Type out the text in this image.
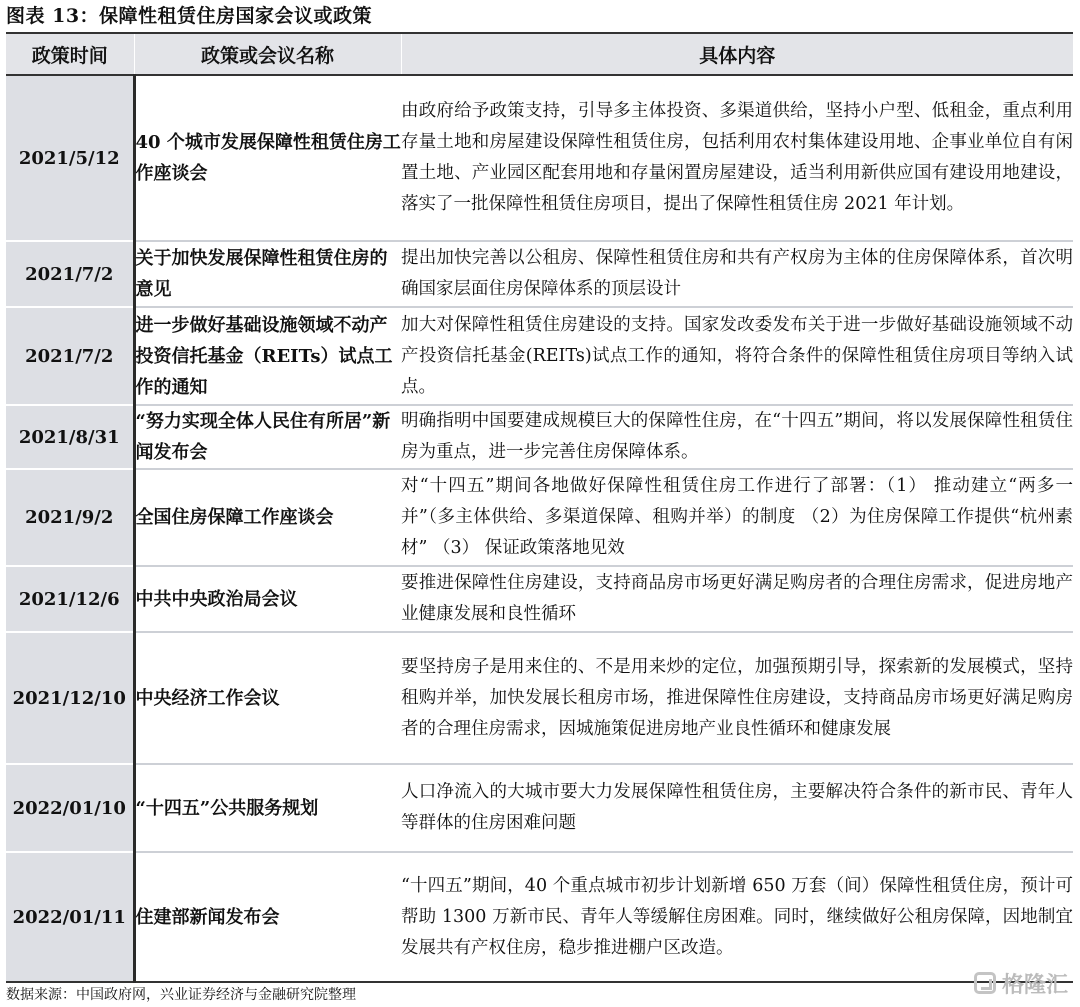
图表 13：保障性租赁住房国家会议或政策
政策时间	政策或会议名称	具体内容
2021/5/12	40 个城市发展保障性租赁住房工作座谈会	由政府给予政策支持，引导多主体投资、多渠道供给，坚持小户型、低租金，重点利用存量土地和房屋建设保障性租赁住房，包括利用农村集体建设用地、企事业单位自有闲置土地、产业园区配套用地和存量闲置房屋建设，适当利用新供应国有建设用地建设，落实了一批保障性租赁住房项目，提出了保障性租赁住房 2021 年计划。
2021/7/2	关于加快发展保障性租赁住房的意见	提出加快完善以公租房、保障性租赁住房和共有产权房为主体的住房保障体系，首次明确国家层面住房保障体系的顶层设计
2021/7/2	进一步做好基础设施领域不动产投资信托基金（REITs）试点工作的通知	加大对保障性租赁住房建设的支持。国家发改委发布关于进一步做好基础设施领域不动产投资信托基金(REITs)试点工作的通知，将符合条件的保障性租赁住房项目等纳入试点。
2021/8/31	“努力实现全体人民住有所居”新闻发布会	明确指明中国要建成规模巨大的保障性住房，在“十四五”期间，将以发展保障性租赁住房为重点，进一步完善住房保障体系。
2021/9/2	全国住房保障工作座谈会	对“十四五”期间各地做好保障性租赁住房工作进行了部署：（1） 推动建立“两多一并”（多主体供给、多渠道保障、租购并举）的制度 （2）为住房保障工作提供“杭州素材” （3） 保证政策落地见效
2021/12/6	中共中央政治局会议	要推进保障性住房建设，支持商品房市场更好满足购房者的合理住房需求，促进房地产业健康发展和良性循环
2021/12/10	中央经济工作会议	要坚持房子是用来住的、不是用来炒的定位，加强预期引导，探索新的发展模式，坚持租购并举，加快发展长租房市场，推进保障性住房建设，支持商品房市场更好满足购房者的合理住房需求，因城施策促进房地产业良性循环和健康发展
2022/01/10	“十四五”公共服务规划	人口净流入的大城市要大力发展保障性租赁住房，主要解决符合条件的新市民、青年人等群体的住房困难问题
2022/01/11	住建部新闻发布会	“十四五”期间，40 个重点城市初步计划新增 650 万套（间）保障性租赁住房，预计可帮助 1300 万新市民、青年人等缓解住房困难。同时，继续做好公租房保障，因地制宜发展共有产权住房，稳步推进棚户区改造。
数据来源：中国政府网，兴业证券经济与金融研究院整理	格隆汇
